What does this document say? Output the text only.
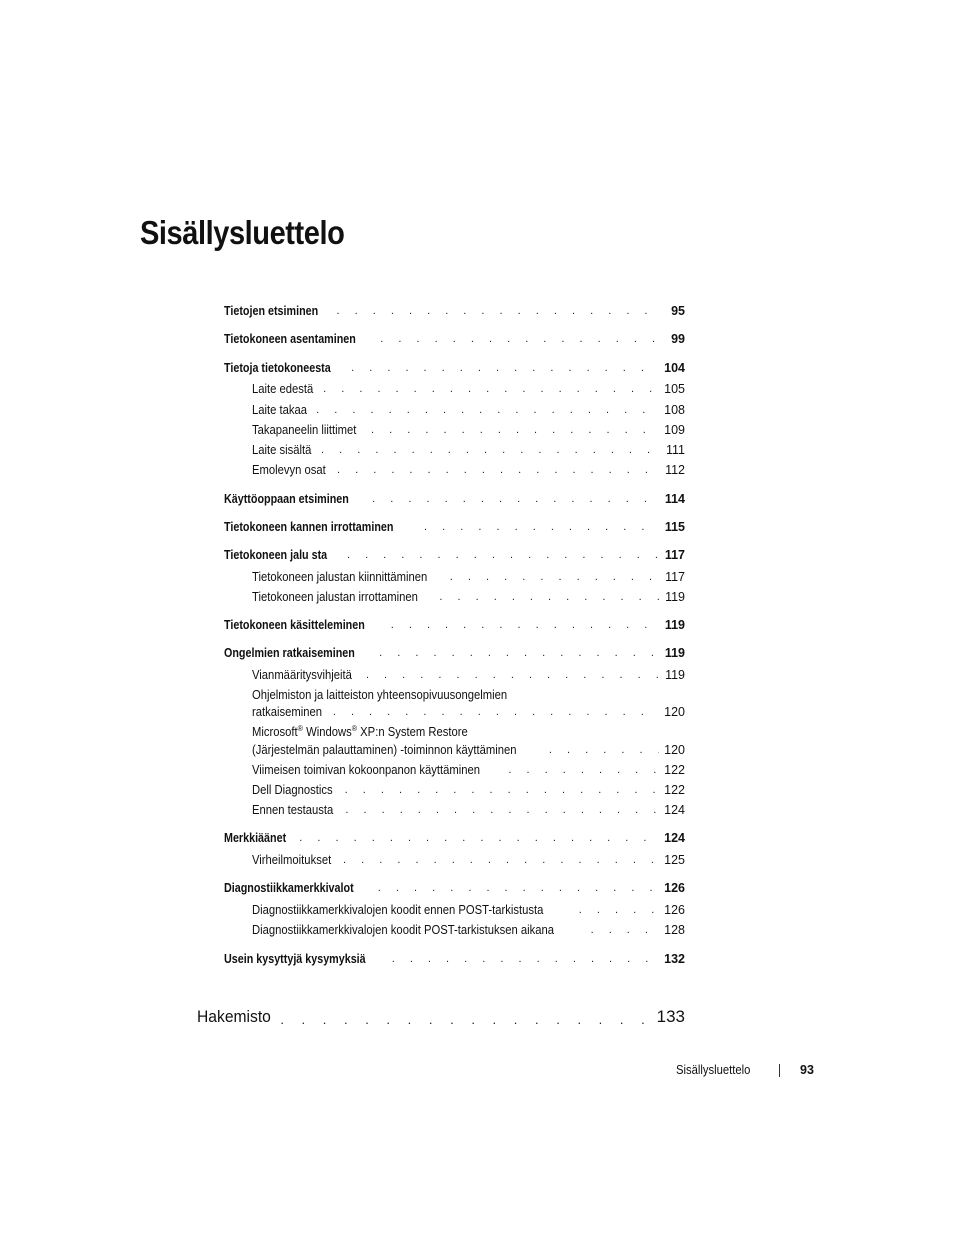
Sisällysluettelo
Tietojen etsiminen . . .	95
Tietokoneen asentaminen . . .	99
Tietoja tietokoneesta . . .	104
Laite edestä . . .	105
Laite takaa . . .	108
Takapaneelin liittimet . . .	109
Laite sisältä . . .	111
Emolevyn osat . . .	112
Käyttöoppaan etsiminen . . .	114
Tietokoneen kannen irrottaminen . . .	115
Tietokoneen jalu sta . . .	117
Tietokoneen jalustan kiinnittäminen . . .	117
Tietokoneen jalustan irrottaminen . . .	119
Tietokoneen käsitteleminen . . .	119
Ongelmien ratkaiseminen . . .	119
Vianmääritysvihjeitä . . .	119
Ohjelmiston ja laitteiston yhteensopivuusongelmien
ratkaiseminen . . .	120
Microsoft® Windows® XP:n System Restore
(Järjestelmän palauttaminen) -toiminnon käyttäminen . . .	120
Viimeisen toimivan kokoonpanon käyttäminen . . .	122
Dell Diagnostics . . .	122
Ennen testausta . . .	124
Merkkiäänet . . .	124
Virheilmoitukset . . .	125
Diagnostiikkamerkkivalot . . .	126
Diagnostiikkamerkkivalojen koodit ennen POST-tarkistusta . . .	126
Diagnostiikkamerkkivalojen koodit POST-tarkistuksen aikana . . .	128
Usein kysyttyjä kysymyksiä . . .	132
Hakemisto . . .	133
Sisällysluettelo	93
